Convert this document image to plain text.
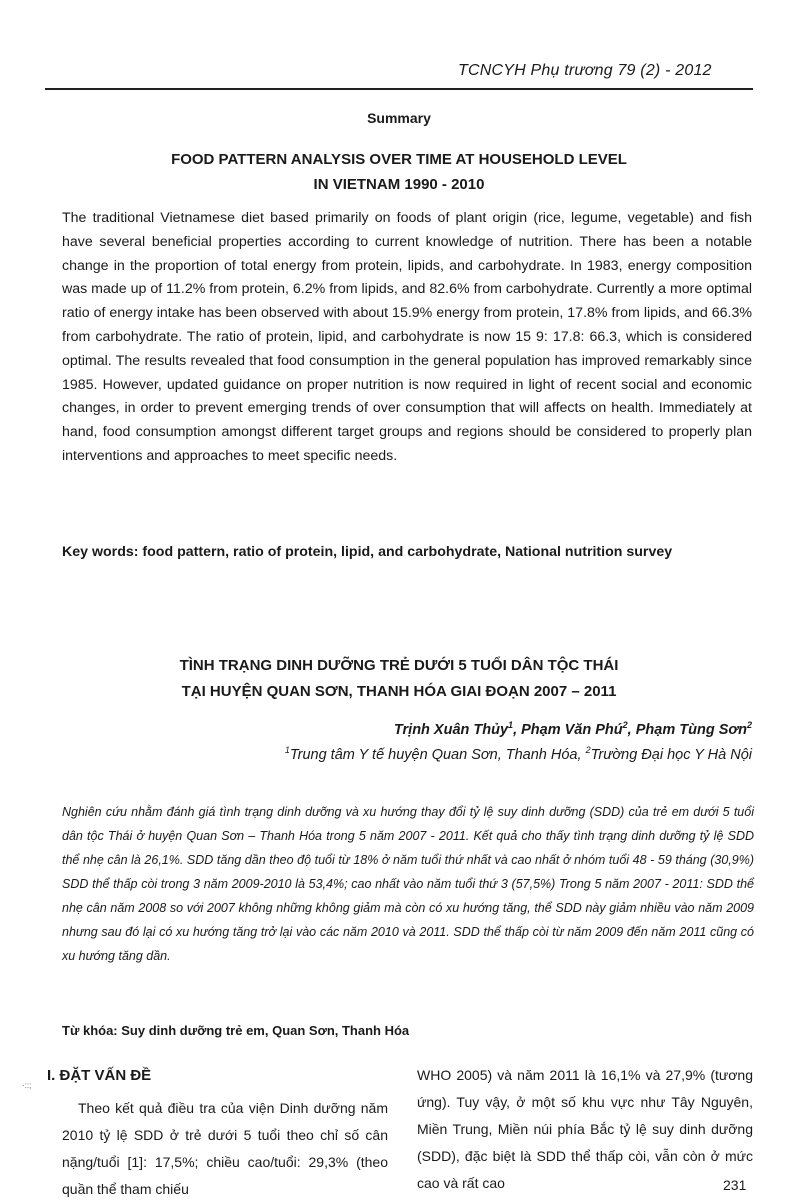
TCNCYH Phụ trương 79 (2) - 2012
Summary
FOOD PATTERN ANALYSIS OVER TIME AT HOUSEHOLD LEVEL
IN VIETNAM 1990 - 2010

The traditional Vietnamese diet based primarily on foods of plant origin (rice, legume, vegetable) and fish have several beneficial properties according to current knowledge of nutrition. There has been a notable change in the proportion of total energy from protein, lipids, and carbohydrate. In 1983, energy composition was made up of 11.2% from protein, 6.2% from lipids, and 82.6% from carbohydrate. Currently a more optimal ratio of energy intake has been observed with about 15.9% energy from protein, 17.8% from lipids, and 66.3% from carbohydrate. The ratio of protein, lipid, and carbohydrate is now 15 9: 17.8: 66.3, which is considered optimal. The results revealed that food consumption in the general population has improved remarkably since 1985. However, updated guidance on proper nutrition is now required in light of recent social and economic changes, in order to prevent emerging trends of over consumption that will affects on health. Immediately at hand, food consumption amongst different target groups and regions should be considered to properly plan interventions and approaches to meet specific needs.

Key words: food pattern, ratio of protein, lipid, and carbohydrate, National nutrition survey
TÌNH TRẠNG DINH DƯỠNG TRẺ DƯỚI 5 TUỔI DÂN TỘC THÁI
TẠI HUYỆN QUAN SƠN, THANH HÓA GIAI ĐOẠN 2007 – 2011
Trịnh Xuân Thủy$^1$, Phạm Văn Phú$^2$, Phạm Tùng Sơn$^2$
$^1$Trung tâm Y tế huyện Quan Sơn, Thanh Hóa, $^2$Trường Đại học Y Hà Nội
Nghiên cứu nhằm đánh giá tình trạng dinh dưỡng và xu hướng thay đổi tỷ lệ suy dinh dưỡng (SDD) của trẻ em dưới 5 tuổi dân tộc Thái ở huyện Quan Sơn – Thanh Hóa trong 5 năm 2007 - 2011. Kết quả cho thấy tình trạng dinh dưỡng tỷ lệ SDD thể nhẹ cân là 26,1%. SDD tăng dần theo độ tuổi từ 18% ở năm tuổi thứ nhất và cao nhất ở nhóm tuổi 48 - 59 tháng (30,9%) SDD thể thấp còi trong 3 năm 2009-2010 là 53,4%; cao nhất vào năm tuổi thứ 3 (57,5%) Trong 5 năm 2007 - 2011: SDD thể nhẹ cân năm 2008 so với 2007 không những không giảm mà còn có xu hướng tăng, thể SDD này giảm nhiều vào năm 2009 nhưng sau đó lại có xu hướng tăng trở lại vào các năm 2010 và 2011. SDD thể thấp còi từ năm 2009 đến năm 2011 cũng có xu hướng tăng dần.
Từ khóa: Suy dinh dưỡng trẻ em, Quan Sơn, Thanh Hóa
I. ĐẶT VẤN ĐỀ
·::;

Theo kết quả điều tra của viện Dinh dưỡng năm 2010 tỷ lệ SDD ở trẻ dưới 5 tuổi theo chỉ số cân nặng/tuổi [1]: 17,5%; chiều cao/tuổi: 29,3% (theo quần thể tham chiếu

WHO 2005) và năm 2011 là 16,1% và 27,9% (tương ứng). Tuy vậy, ở một số khu vực như Tây Nguyên, Miền Trung, Miền núi phía Bắc tỷ lệ suy dinh dưỡng (SDD), đặc biệt là SDD thể thấp còi, vẫn còn ở mức cao và rất cao	231
